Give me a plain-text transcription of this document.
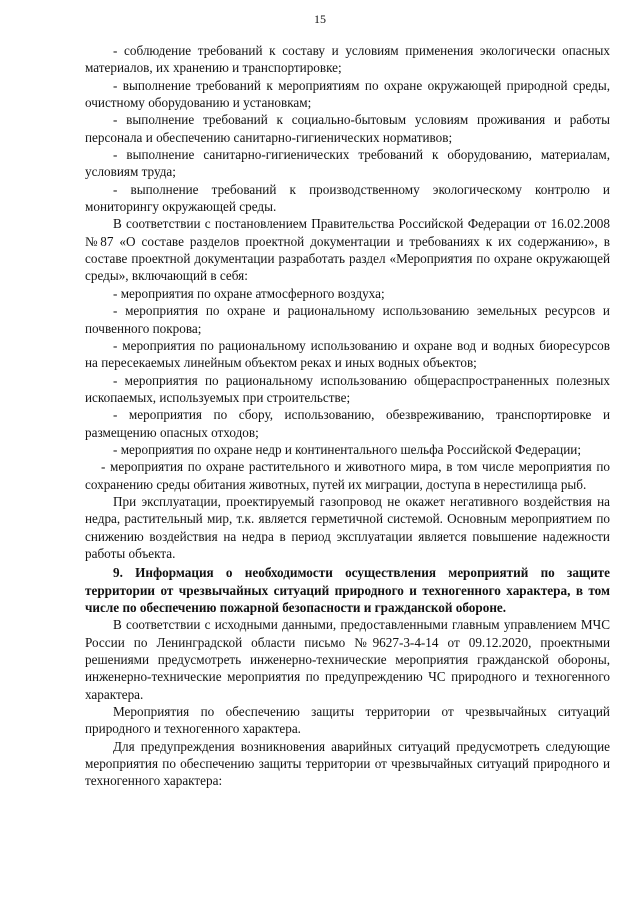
15

- соблюдение требований к составу и условиям применения экологически опасных материалов, их хранению и транспортировке;

- выполнение требований к мероприятиям по охране окружающей природной среды, очистному оборудованию и установкам;

- выполнение требований к социально-бытовым условиям проживания и работы персонала и обеспечению санитарно-гигиенических нормативов;

- выполнение санитарно-гигиенических требований к оборудованию, материалам, условиям труда;

- выполнение требований к производственному экологическому контролю и мониторингу окружающей среды.

В соответствии с постановлением Правительства Российской Федерации от 16.02.2008 №87 «О составе разделов проектной документации и требованиях к их содержанию», в составе проектной документации разработать раздел «Мероприятия по охране окружающей среды», включающий в себя:

- мероприятия по охране атмосферного воздуха;

- мероприятия по охране и рациональному использованию земельных ресурсов и почвенного покрова;

- мероприятия по рациональному использованию и охране вод и водных биоресурсов на пересекаемых линейным объектом реках и иных водных объектов;

- мероприятия по рациональному использованию общераспространенных полезных ископаемых, используемых при строительстве;

- мероприятия по сбору, использованию, обезвреживанию, транспортировке и размещению опасных отходов;

- мероприятия по охране недр и континентального шельфа Российской Федерации;

- мероприятия по охране растительного и животного мира, в том числе мероприятия по сохранению среды обитания животных, путей их миграции, доступа в нерестилища рыб.

При эксплуатации, проектируемый газопровод не окажет негативного воздействия на недра, растительный мир, т.к. является герметичной системой. Основным мероприятием по снижению воздействия на недра в период эксплуатации является повышение надежности работы объекта.

9. Информация о необходимости осуществления мероприятий по защите территории от чрезвычайных ситуаций природного и техногенного характера, в том числе по обеспечению пожарной безопасности и гражданской обороне.

В соответствии с исходными данными, предоставленными главным управлением МЧС России по Ленинградской области письмо №9627-3-4-14 от 09.12.2020, проектными решениями предусмотреть инженерно-технические мероприятия гражданской обороны, инженерно-технические мероприятия по предупреждению ЧС природного и техногенного характера.

Мероприятия по обеспечению защиты территории от чрезвычайных ситуаций природного и техногенного характера.

Для предупреждения возникновения аварийных ситуаций предусмотреть следующие мероприятия по обеспечению защиты территории от чрезвычайных ситуаций природного и техногенного характера:
